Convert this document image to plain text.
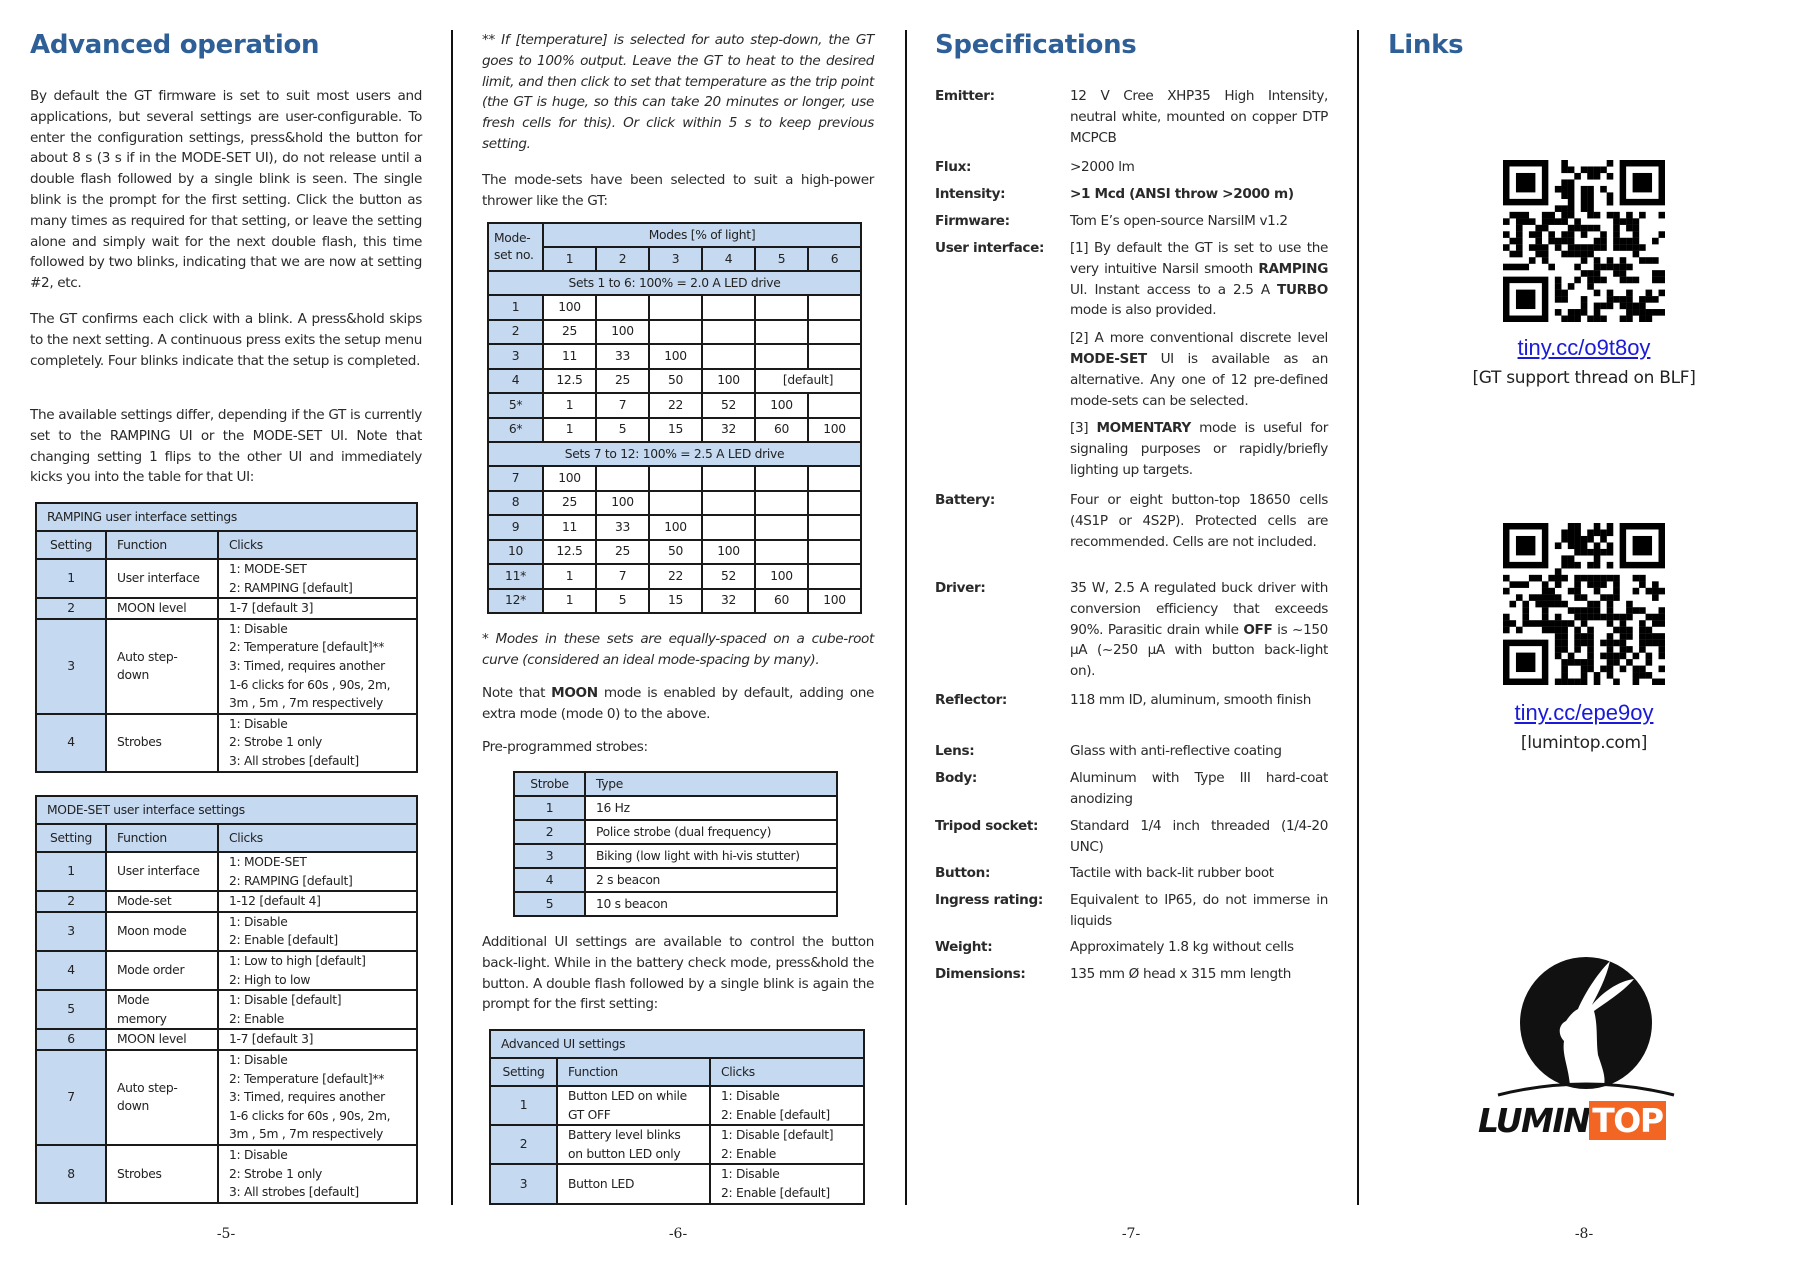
Advanced operation

By default the GT firmware is set to suit most users and applications, but several settings are user-configurable. To enter the configuration settings, press&hold the button for about 8 s (3 s if in the MODE-SET UI), do not release until a double flash followed by a single blink is seen. The single blink is the prompt for the first setting. Click the button as many times as required for that setting, or leave the setting alone and simply wait for the next double flash, this time followed by two blinks, indicating that we are now at setting #2, etc.

The GT confirms each click with a blink. A press&hold skips to the next setting. A continuous press exits the setup menu completely. Four blinks indicate that the setup is completed.

The available settings differ, depending if the GT is currently set to the RAMPING UI or the MODE-SET UI. Note that changing setting 1 flips to the other UI and immediately kicks you into the table for that UI:

RAMPING user interface settings		
Setting	Function	Clicks
1	User interface	1: MODE-SET
2: RAMPING [default]
2	MOON level	1-7 [default 3]
3	Auto step-
down	1: Disable
2: Temperature [default]**
3: Timed, requires another
1-6 clicks for 60s , 90s, 2m,
3m , 5m , 7m respectively
4	Strobes	1: Disable
2: Strobe 1 only
3: All strobes [default]
MODE-SET user interface settings		
Setting	Function	Clicks
1	User interface	1: MODE-SET
2: RAMPING [default]
2	Mode-set	1-12 [default 4]
3	Moon mode	1: Disable
2: Enable [default]
4	Mode order	1: Low to high [default]
2: High to low
5	Mode
memory	1: Disable [default]
2: Enable
6	MOON level	1-7 [default 3]
7	Auto step-
down	1: Disable
2: Temperature [default]**
3: Timed, requires another
1-6 clicks for 60s , 90s, 2m,
3m , 5m , 7m respectively
8	Strobes	1: Disable
2: Strobe 1 only
3: All strobes [default]
-5-

** If [temperature] is selected for auto step-down, the GT goes to 100% output. Leave the GT to heat to the desired limit, and then click to set that temperature as the trip point (the GT is huge, so this can take 20 minutes or longer, use fresh cells for this). Or click within 5 s to keep previous setting.

The mode-sets have been selected to suit a high-power thrower like the GT:

Mode-
set no.	Modes [% of light]					
	1	2	3	4	5	6
Sets 1 to 6: 100% = 2.0 A LED drive						
1	100					
2	25	100				
3	11	33	100			
4	12.5	25	50	100	[default]	
5*	1	7	22	52	100	
6*	1	5	15	32	60	100
Sets 7 to 12: 100% = 2.5 A LED drive						
7	100					
8	25	100				
9	11	33	100			
10	12.5	25	50	100		
11*	1	7	22	52	100	
12*	1	5	15	32	60	100

* Modes in these sets are equally-spaced on a cube-root curve (considered an ideal mode-spacing by many).

Note that MOON mode is enabled by default, adding one extra mode (mode 0) to the above.

Pre-programmed strobes:

Strobe	Type
1	16 Hz
2	Police strobe (dual frequency)
3	Biking (low light with hi-vis stutter)
4	2 s beacon
5	10 s beacon

Additional UI settings are available to control the button back-light. While in the battery check mode, press&hold the button. A double flash followed by a single blink is again the prompt for the first setting:

Advanced UI settings		
Setting	Function	Clicks
1	Button LED on while
GT OFF	1: Disable
2: Enable [default]
2	Battery level blinks
on button LED only	1: Disable [default]
2: Enable
3	Button LED	1: Disable
2: Enable [default]
-6-
Specifications
Emitter:	12 V Cree XHP35 High Intensity, neutral white, mounted on copper DTP MCPCB

Flux:	>2000 lm

Intensity:	>1 Mcd (ANSI throw >2000 m)

Firmware:	Tom E’s open-source NarsilM v1.2

User interface:	[1] By default the GT is set to use the very intuitive Narsil smooth RAMPING UI. Instant access to a 2.5 A TURBO mode is also provided.

[2] A more conventional discrete level MODE-SET UI is available as an alternative. Any one of 12 pre-defined mode-sets can be selected.

[3] MOMENTARY mode is useful for signaling purposes or rapidly/briefly lighting up targets.

Battery:	Four or eight button-top 18650 cells (4S1P or 4S2P). Protected cells are recommended. Cells are not included.

Driver:	35 W, 2.5 A regulated buck driver with conversion efficiency that exceeds 90%. Parasitic drain while OFF is ~150 µA (~250 µA with button back-light on).

Reflector:	118 mm ID, aluminum, smooth finish

Lens:	Glass with anti-reflective coating

Body:	Aluminum with Type III hard-coat anodizing

Tripod socket:	Standard 1/4 inch threaded (1/4-20 UNC)

Button:	Tactile with back-lit rubber boot

Ingress rating:	Equivalent to IP65, do not immerse in liquids

Weight:	Approximately 1.8 kg without cells

Dimensions:	135 mm Ø head x 315 mm length

-7-
Links
tiny.cc/o9t8oy
[GT support thread on BLF]
tiny.cc/epe9oy
[lumintop.com]
LUMINTOP
-8-
